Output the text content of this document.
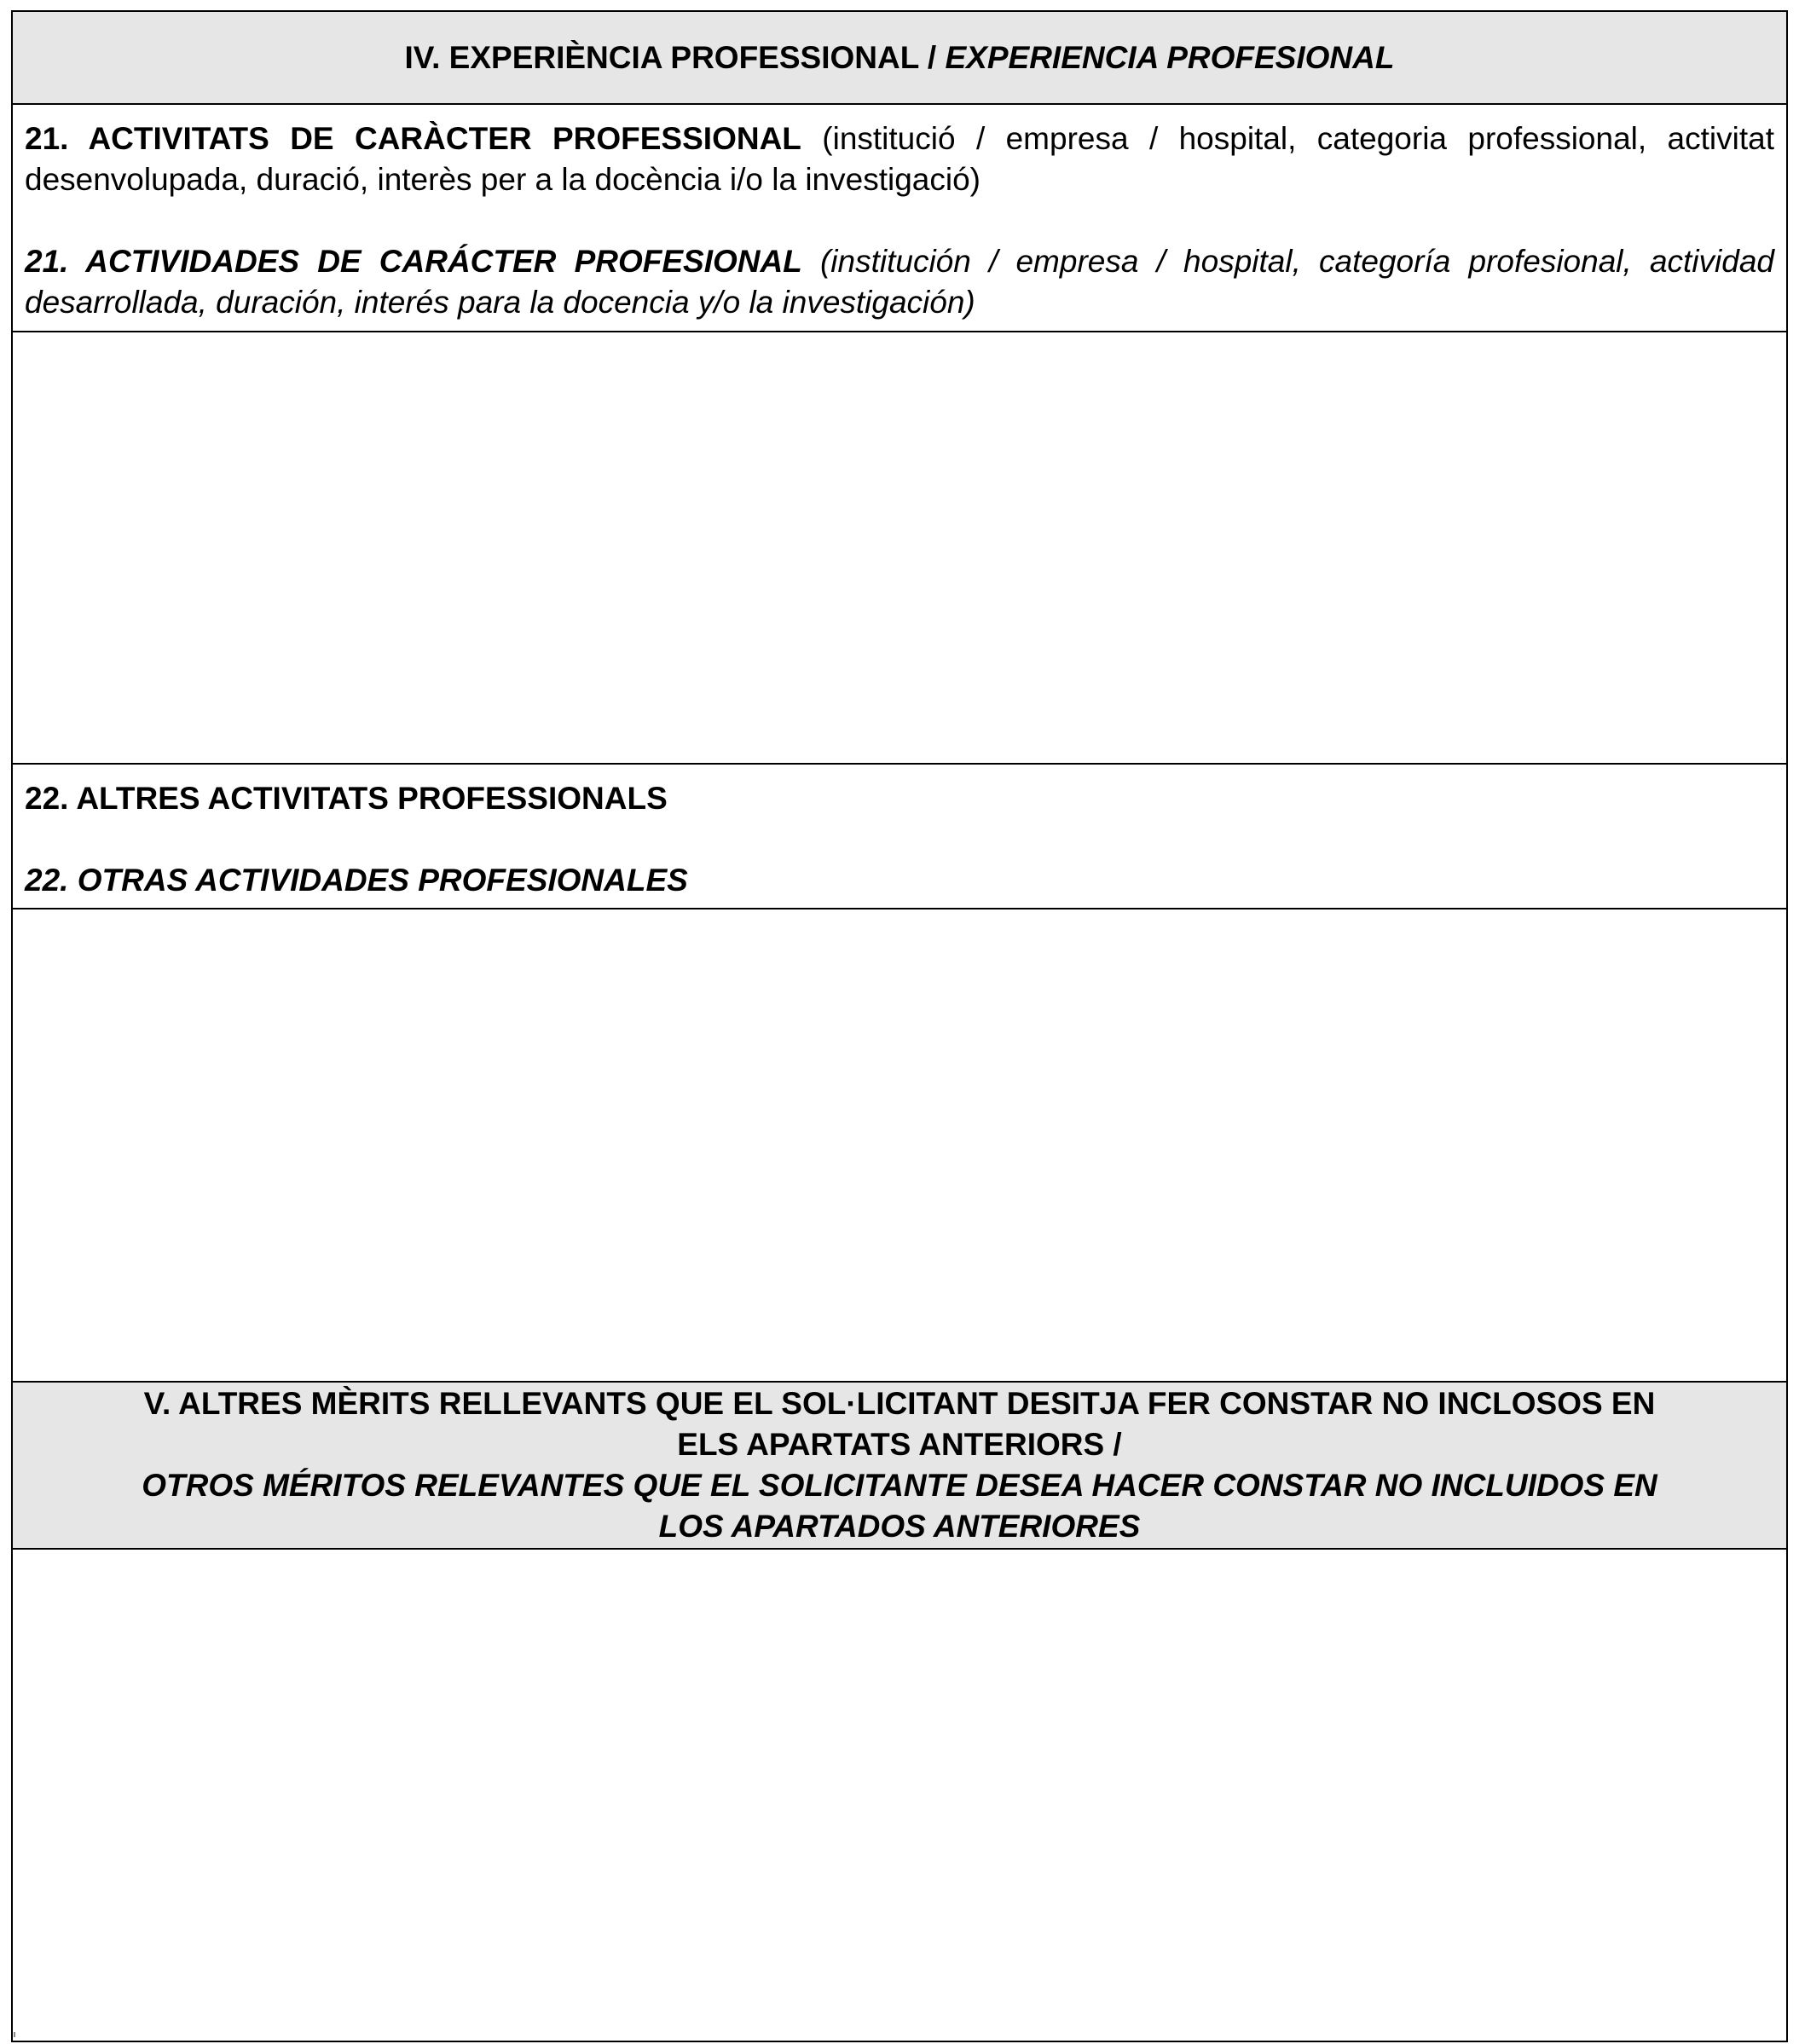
IV. EXPERIÈNCIA PROFESSIONAL / EXPERIENCIA PROFESIONAL

21. ACTIVITATS DE CARÀCTER PROFESSIONAL (institució / empresa / hospital, categoria professional, activitat desenvolupada, duració, interès per a la docència i/o la investigació)

21. ACTIVIDADES DE CARÁCTER PROFESIONAL (institución / empresa / hospital, categoría profesional, actividad desarrollada, duración, interés para la docencia y/o la investigación)

22. ALTRES ACTIVITATS PROFESSIONALS

22. OTRAS ACTIVIDADES PROFESIONALES

V. ALTRES MÈRITS RELLEVANTS QUE EL SOL·LICITANT DESITJA FER CONSTAR NO INCLOSOS EN
ELS APARTATS ANTERIORS /
OTROS MÉRITOS RELEVANTES QUE EL SOLICITANTE DESEA HACER CONSTAR NO INCLUIDOS EN
LOS APARTADOS ANTERIORES
